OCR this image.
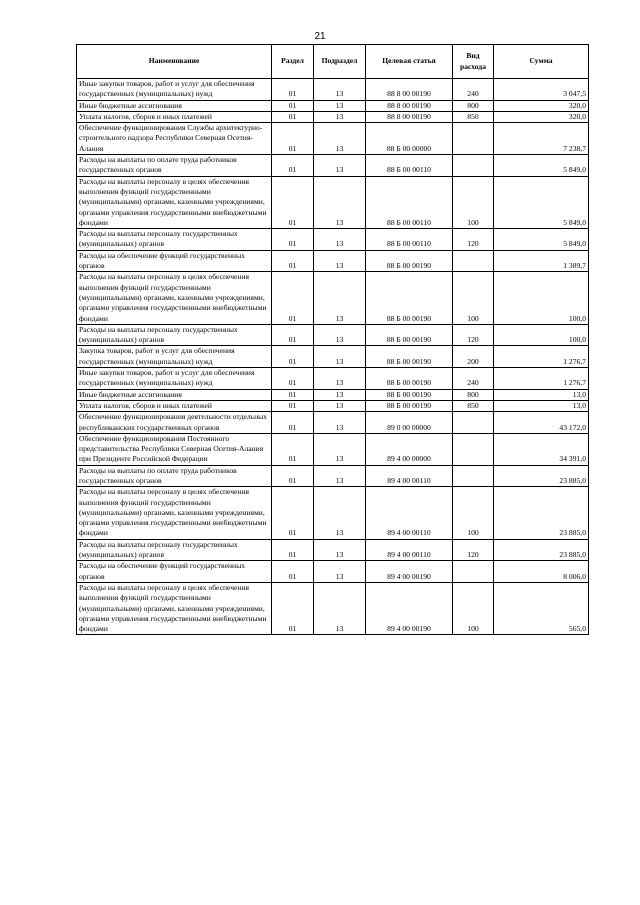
21
Наименование	Раздел	Подраздел	Целевая статья	Вид расхода	Сумма
Иные закупки товаров, работ и услуг для обеспечения государственных (муниципальных) нужд	01	13	88 8 00 00190	240	3 047,5
Иные бюджетные ассигнования	01	13	88 8 00 00190	800	320,0
Уплата налогов, сборов и иных платежей	01	13	88 8 00 00190	850	320,0
Обеспечение функционирования Службы архитектурно-строительного надзора Республики Северная Осетия-Алания	01	13	88 Б 00 00000		7 238,7
Расходы на выплаты по оплате труда работников государственных органов	01	13	88 Б 00 00110		5 849,0
Расходы на выплаты персоналу в целях обеспечения выполнения функций государственными (муниципальными) органами, казенными учреждениями, органами управления государственными внебюджетными фондами	01	13	88 Б 00 00110	100	5 849,0
Расходы на выплаты персоналу государственных (муниципальных) органов	01	13	88 Б 00 00110	120	5 849,0
Расходы на обеспечение функций государственных органов	01	13	88 Б 00 00190		1 389,7
Расходы на выплаты персоналу в целях обеспечения выполнения функций государственными (муниципальными) органами, казенными учреждениями, органами управления государственными внебюджетными фондами	01	13	88 Б 00 00190	100	100,0
Расходы на выплаты персоналу государственных (муниципальных) органов	01	13	88 Б 00 00190	120	100,0
Закупка товаров, работ и услуг для обеспечения государственных (муниципальных) нужд	01	13	88 Б 00 00190	200	1 276,7
Иные закупки товаров, работ и услуг для обеспечения государственных (муниципальных) нужд	01	13	88 Б 00 00190	240	1 276,7
Иные бюджетные ассигнования	01	13	88 Б 00 00190	800	13,0
Уплата налогов, сборов и иных платежей	01	13	88 Б 00 00190	850	13,0
Обеспечение функционирования деятельности отдельных республиканских государственных органов	01	13	89 0 00 00000		43 172,0
Обеспечение функционирования Постоянного представительства Республики Северная Осетия-Алания при Президенте Российской Федерации	01	13	89 4 00 00000		34 391,0
Расходы на выплаты по оплате труда работников государственных органов	01	13	89 4 00 00110		23 885,0
Расходы на выплаты персоналу в целях обеспечения выполнения функций государственными (муниципальными) органами, казенными учреждениями, органами управления государственными внебюджетными фондами	01	13	89 4 00 00110	100	23 885,0
Расходы на выплаты персоналу государственных (муниципальных) органов	01	13	89 4 00 00110	120	23 885,0
Расходы на обеспечение функций государственных органов	01	13	89 4 00 00190		8 006,0
Расходы на выплаты персоналу в целях обеспечения выполнения функций государственными (муниципальными) органами, казенными учреждениями, органами управления государственными внебюджетными фондами	01	13	89 4 00 00190	100	565,0
